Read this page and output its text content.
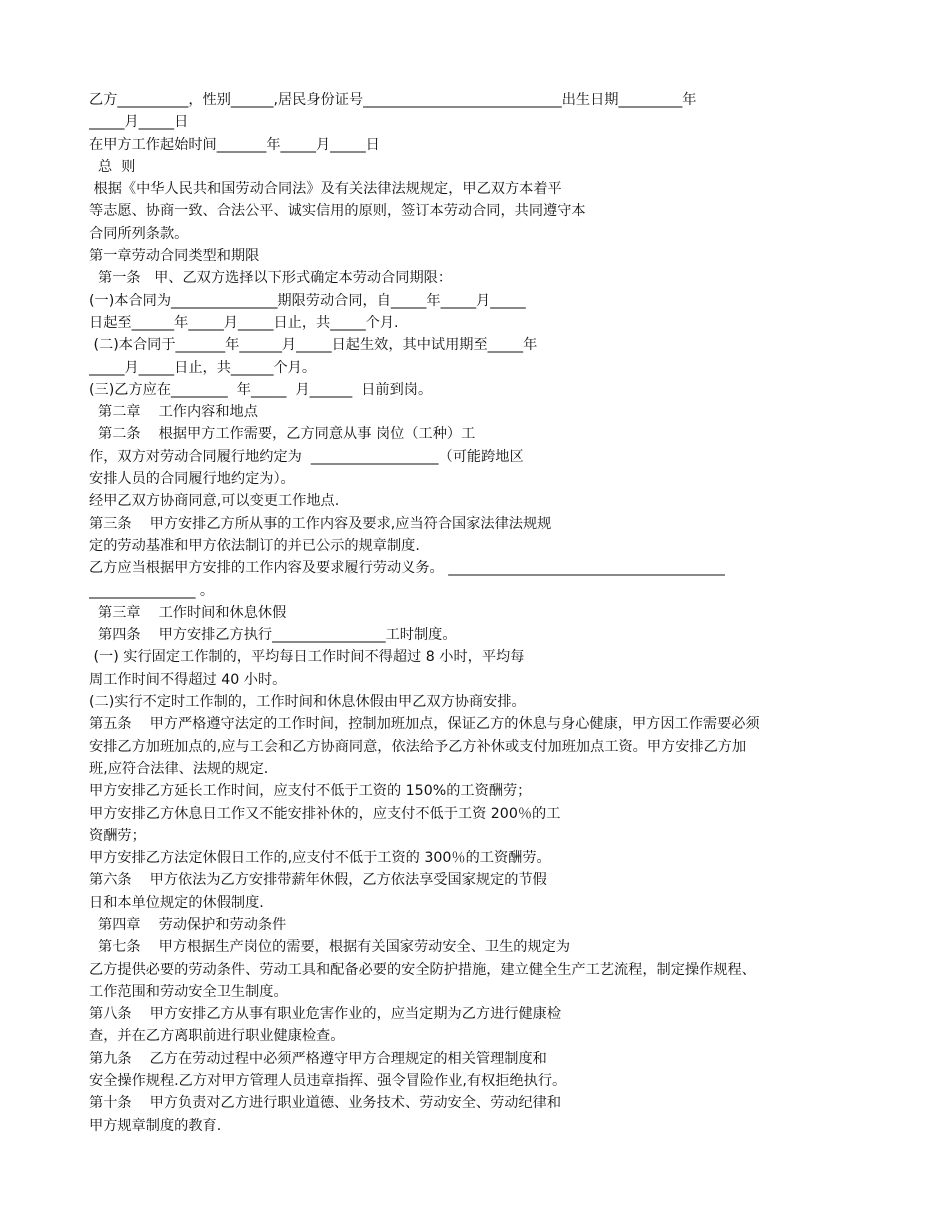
乙方__________，性别______,居民身份证号____________________________出生日期_________年
_____月_____日
在甲方工作起始时间_______年_____月_____日
总  则
根据《中华人民共和国劳动合同法》及有关法律法规规定，甲乙双方本着平
等志愿、协商一致、合法公平、诚实信用的原则，签订本劳动合同，共同遵守本
合同所列条款。
第一章劳动合同类型和期限
第一条   甲、乙双方选择以下形式确定本劳动合同期限：
(一)本合同为_______________期限劳动合同，自_____年_____月_____
日起至______年_____月_____日止，共_____个月.
(二)本合同于_______年______月_____日起生效，其中试用期至_____年
_____月_____日止，共______个月。
(三)乙方应在________  年_____  月______  日前到岗。
第二章    工作内容和地点
第二条    根据甲方工作需要，乙方同意从事 岗位（工种）工
作，双方对劳动合同履行地约定为  __________________（可能跨地区
安排人员的合同履行地约定为）。
经甲乙双方协商同意,可以变更工作地点.
第三条    甲方安排乙方所从事的工作内容及要求,应当符合国家法律法规规
定的劳动基准和甲方依法制订的并已公示的规章制度.
乙方应当根据甲方安排的工作内容及要求履行劳动义务。 _______________________________________
_______________ 。
第三章    工作时间和休息休假
第四条    甲方安排乙方执行________________工时制度。
(一) 实行固定工作制的，平均每日工作时间不得超过 8 小时，平均每
周工作时间不得超过 40 小时。
(二)实行不定时工作制的，工作时间和休息休假由甲乙双方协商安排。
第五条    甲方严格遵守法定的工作时间，控制加班加点，保证乙方的休息与身心健康，甲方因工作需要必须
安排乙方加班加点的,应与工会和乙方协商同意，依法给予乙方补休或支付加班加点工资。甲方安排乙方加
班,应符合法律、法规的规定.
甲方安排乙方延长工作时间，应支付不低于工资的 150%的工资酬劳；
甲方安排乙方休息日工作又不能安排补休的，应支付不低于工资 200％的工
资酬劳；
甲方安排乙方法定休假日工作的,应支付不低于工资的 300％的工资酬劳。
第六条    甲方依法为乙方安排带薪年休假，乙方依法享受国家规定的节假
日和本单位规定的休假制度.
第四章    劳动保护和劳动条件
第七条    甲方根据生产岗位的需要，根据有关国家劳动安全、卫生的规定为
乙方提供必要的劳动条件、劳动工具和配备必要的安全防护措施，建立健全生产工艺流程，制定操作规程、
工作范围和劳动安全卫生制度。
第八条    甲方安排乙方从事有职业危害作业的，应当定期为乙方进行健康检
查，并在乙方离职前进行职业健康检查。
第九条    乙方在劳动过程中必须严格遵守甲方合理规定的相关管理制度和
安全操作规程.乙方对甲方管理人员违章指挥、强令冒险作业,有权拒绝执行。
第十条    甲方负责对乙方进行职业道德、业务技术、劳动安全、劳动纪律和
甲方规章制度的教育.
